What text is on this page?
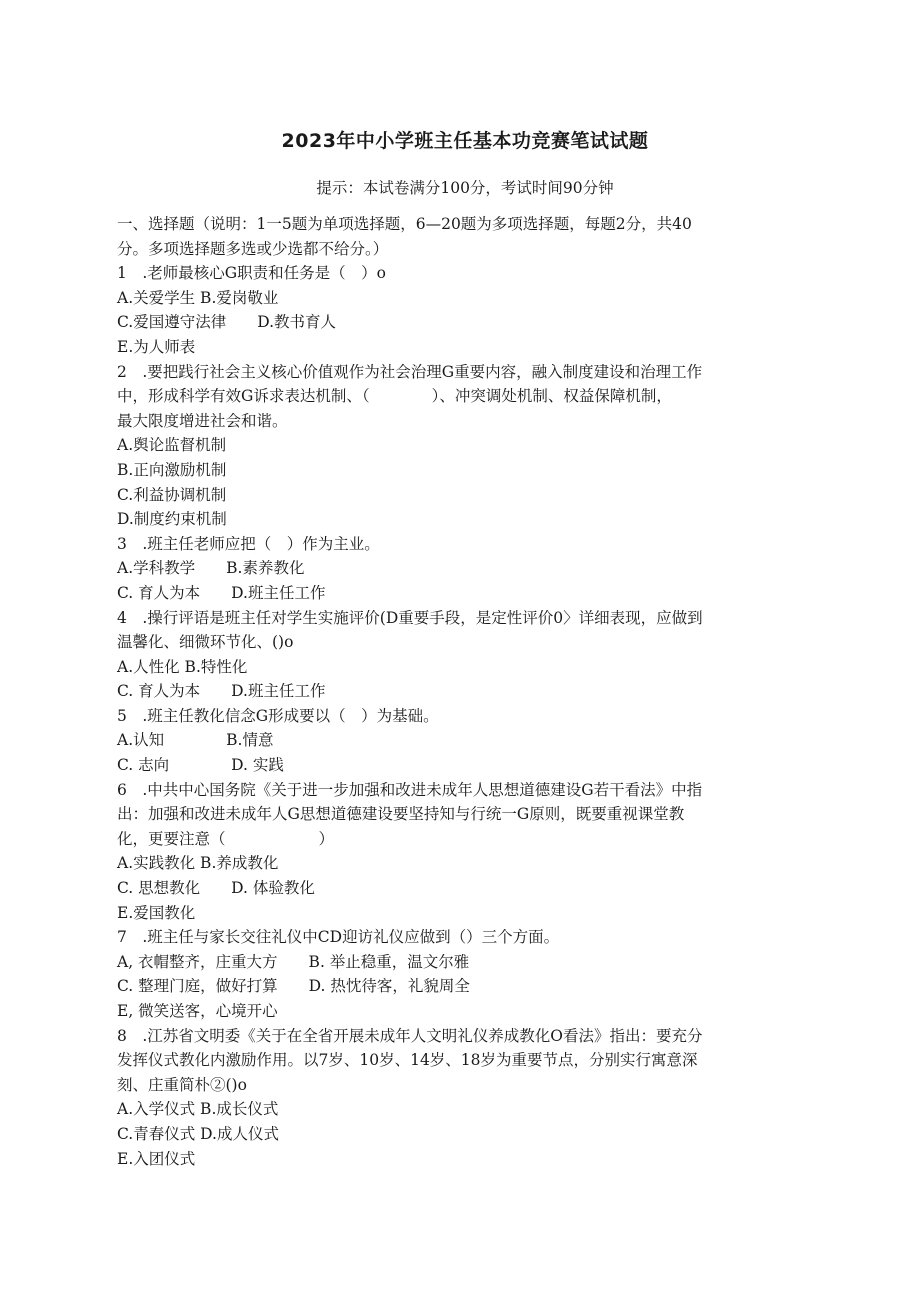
2023年中小学班主任基本功竞赛笔试试题
提示：本试卷满分100分，考试时间90分钟
一、选择题（说明：1一5题为单项选择题，6—20题为多项选择题，每题2分，共40
分。多项选择题多选或少选都不给分。）
1　.老师最核心G职责和任务是（　）o
A.关爱学生 B.爱岗敬业
C.爱国遵守法律　　D.教书育人
E.为人师表
2　.要把践行社会主义核心价值观作为社会治理G重要内容，融入制度建设和治理工作
中，形成科学有效G诉求表达机制、（　　　　）、冲突调处机制、权益保障机制，
最大限度增进社会和谐。
A.舆论监督机制
B.正向激励机制
C.利益协调机制
D.制度约束机制
3　.班主任老师应把（　）作为主业。
A.学科教学　　B.素养教化
C. 育人为本　　D.班主任工作
4　.操行评语是班主任对学生实施评价(D重要手段，是定性评价0〉详细表现，应做到
温馨化、细微环节化、()o
A.人性化 B.特性化
C. 育人为本　　D.班主任工作
5　.班主任教化信念G形成要以（　）为基础。
A.认知　　　　B.情意
C. 志向　　　　D. 实践
6　.中共中心国务院《关于进一步加强和改进未成年人思想道德建设G若干看法》中指
出：加强和改进未成年人G思想道德建设要坚持知与行统一G原则，既要重视课堂教
化，更要注意（　　　　　　）
A.实践教化 B.养成教化
C. 思想教化　　D. 体验教化
E.爱国教化
7　.班主任与家长交往礼仪中CD迎访礼仪应做到（）三个方面。
A, 衣帽整齐，庄重大方　　B. 举止稳重，温文尔雅
C. 整理门庭，做好打算　　D. 热忱待客，礼貌周全
E, 微笑送客，心境开心
8　.江苏省文明委《关于在全省开展未成年人文明礼仪养成教化O看法》指出：要充分
发挥仪式教化内激励作用。以7岁、10岁、14岁、18岁为重要节点，分别实行寓意深
刻、庄重简朴②()o
A.入学仪式 B.成长仪式
C.青春仪式 D.成人仪式
E.入团仪式
